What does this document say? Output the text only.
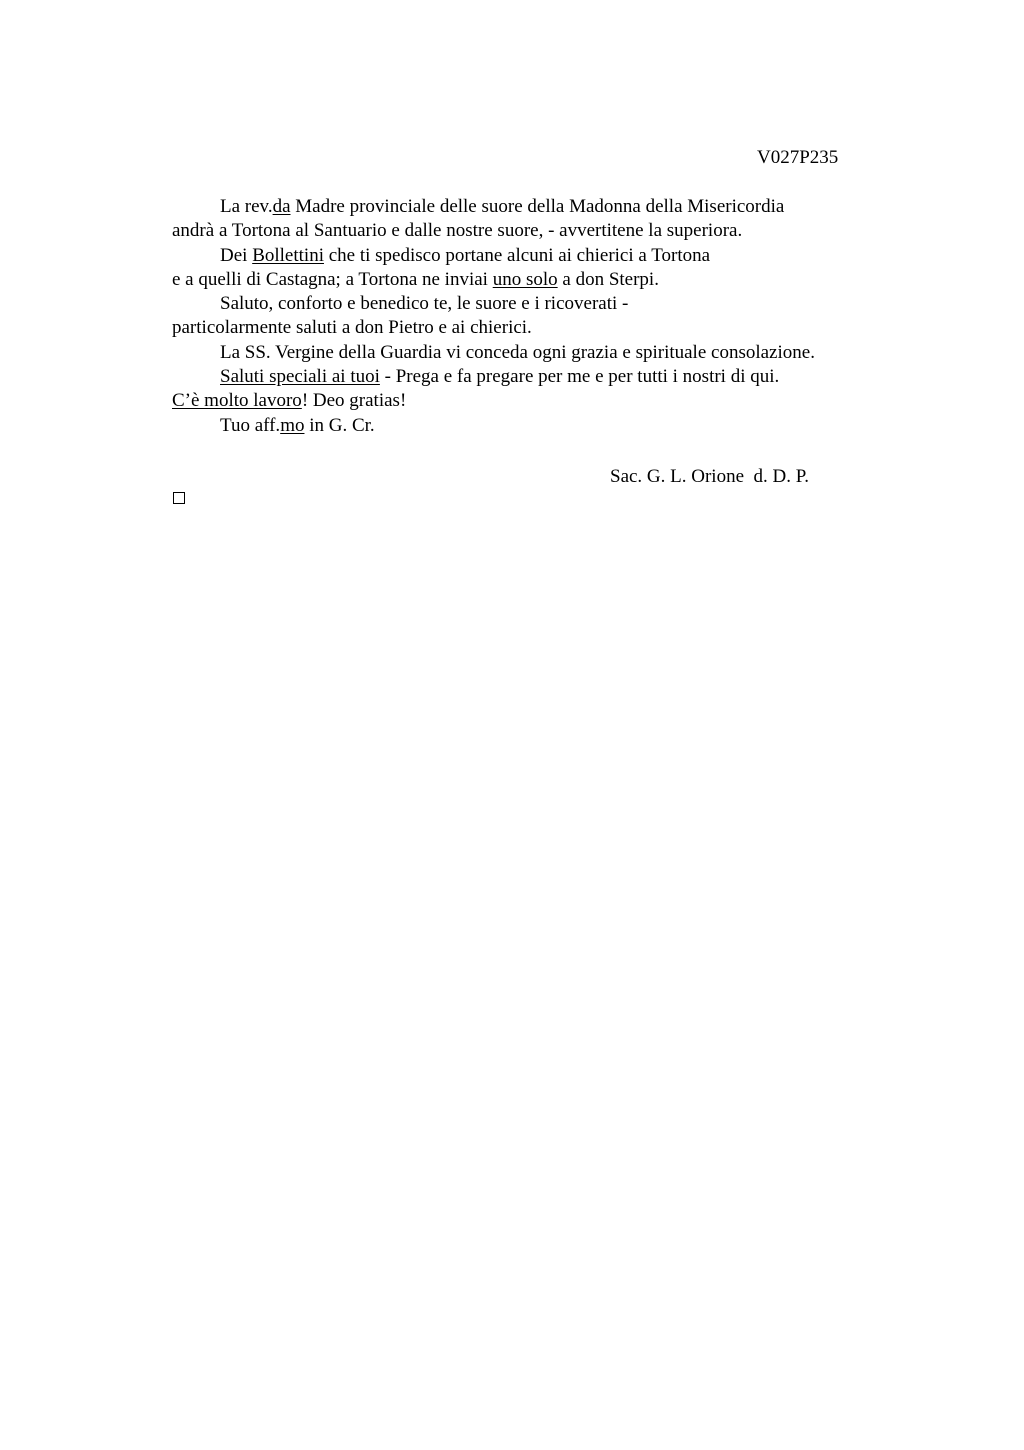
V027P235
La rev.da Madre provinciale delle suore della Madonna della Misericordia
andrà a Tortona al Santuario e dalle nostre suore, - avvertitene la superiora.
Dei Bollettini che ti spedisco portane alcuni ai chierici a Tortona
e a quelli di Castagna; a Tortona ne inviai uno solo a don Sterpi.
Saluto, conforto e benedico te, le suore e i ricoverati -
particolarmente saluti a don Pietro e ai chierici.
La SS. Vergine della Guardia vi conceda ogni grazia e spirituale consolazione.
Saluti speciali ai tuoi - Prega e fa pregare per me e per tutti i nostri di qui.
C’è molto lavoro! Deo gratias!
Tuo aff.mo in G. Cr.
Sac. G. L. Orione  d. D. P.
